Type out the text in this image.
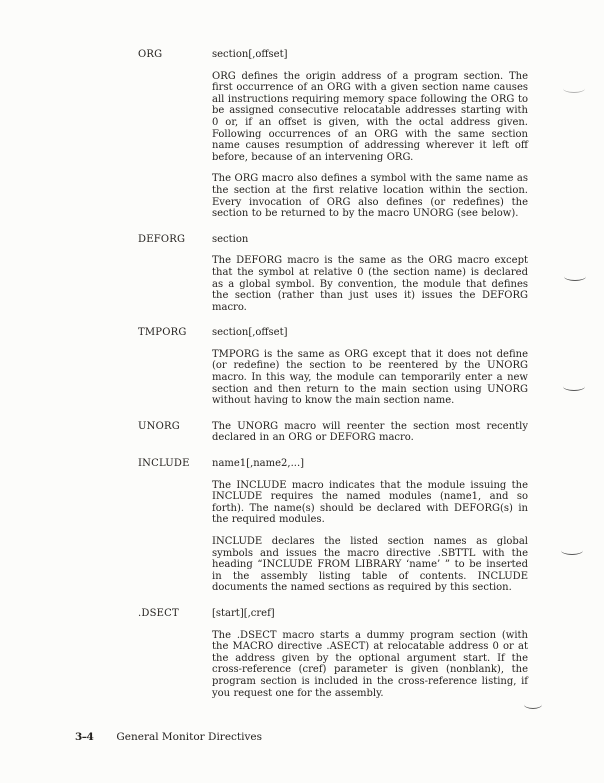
ORG	section[,offset]

ORG defines the origin address of a program section. The first occurrence of an ORG with a given section name causes all instructions requiring memory space following the ORG to be assigned consecutive relocatable addresses starting with 0 or, if an offset is given, with the octal address given. Following occurrences of an ORG with the same section name causes resumption of addressing wherever it left off before, because of an intervening ORG.

The ORG macro also defines a symbol with the same name as the section at the first relative location within the section. Every invocation of ORG also defines (or redefines) the section to be returned to by the macro UNORG (see below).

DEFORG	section

The DEFORG macro is the same as the ORG macro except that the symbol at relative 0 (the section name) is declared as a global symbol. By convention, the module that defines the section (rather than just uses it) issues the DEFORG macro.

TMPORG	section[,offset]

TMPORG is the same as ORG except that it does not define (or redefine) the section to be reentered by the UNORG macro. In this way, the module can temporarily enter a new section and then return to the main section using UNORG without having to know the main section name.

UNORG	The UNORG macro will reenter the section most recently declared in an ORG or DEFORG macro.

INCLUDE	name1[,name2,...]

The INCLUDE macro indicates that the module issuing the INCLUDE requires the named modules (name1, and so forth). The name(s) should be declared with DEFORG(s) in the required modules.

INCLUDE declares the listed section names as global symbols and issues the macro directive .SBTTL with the heading “INCLUDE FROM LIBRARY ‘name’ ” to be inserted in the assembly listing table of contents. INCLUDE documents the named sections as required by this section.

.DSECT	[start][,cref]

The .DSECT macro starts a dummy program section (with the MACRO directive .ASECT) at relocatable address 0 or at the address given by the optional argument start. If the cross-reference (cref) parameter is given (nonblank), the program section is included in the cross-reference listing, if you request one for the assembly.

3–4 General Monitor Directives
